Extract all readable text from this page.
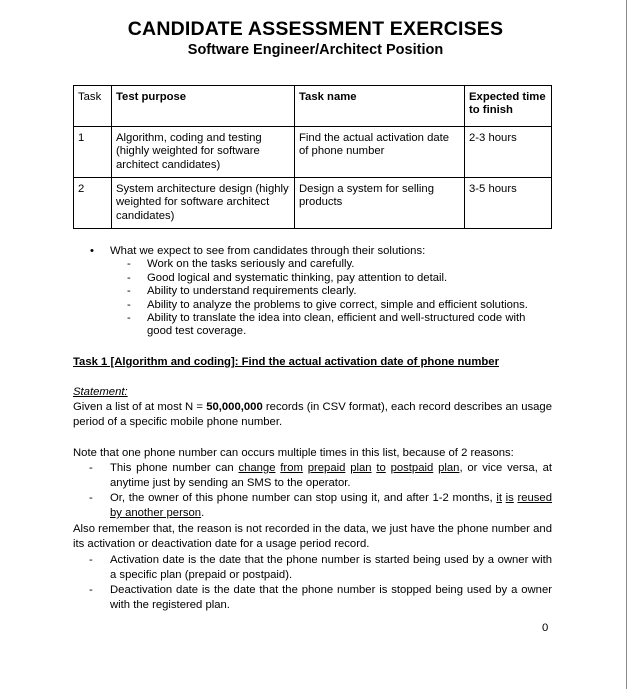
CANDIDATE ASSESSMENT EXERCISES
Software Engineer/Architect Position
Task	Test purpose	Task name	Expected time to finish
1	Algorithm, coding and testing (highly weighted for software architect candidates)	Find the actual activation date of phone number	2-3 hours
2	System architecture design (highly weighted for software architect candidates)	Design a system for selling products	3-5 hours
• What we expect to see from candidates through their solutions:
- Work on the tasks seriously and carefully.
- Good logical and systematic thinking, pay attention to detail.
- Ability to understand requirements clearly.
- Ability to analyze the problems to give correct, simple and efficient solutions.
- Ability to translate the idea into clean, efficient and well-structured code with good test coverage.
Task 1 [Algorithm and coding]: Find the actual activation date of phone number
Statement:
Given a list of at most N = 50,000,000 records (in CSV format), each record describes an usage period of a specific mobile phone number.
Note that one phone number can occurs multiple times in this list, because of 2 reasons:
- This phone number can change from prepaid plan to postpaid plan, or vice versa, at anytime just by sending an SMS to the operator.
- Or, the owner of this phone number can stop using it, and after 1-2 months, it is reused by another person.
Also remember that, the reason is not recorded in the data, we just have the phone number and its activation or deactivation date for a usage period record.
- Activation date is the date that the phone number is started being used by a owner with a specific plan (prepaid or postpaid).
- Deactivation date is the date that the phone number is stopped being used by a owner with the registered plan.
0
